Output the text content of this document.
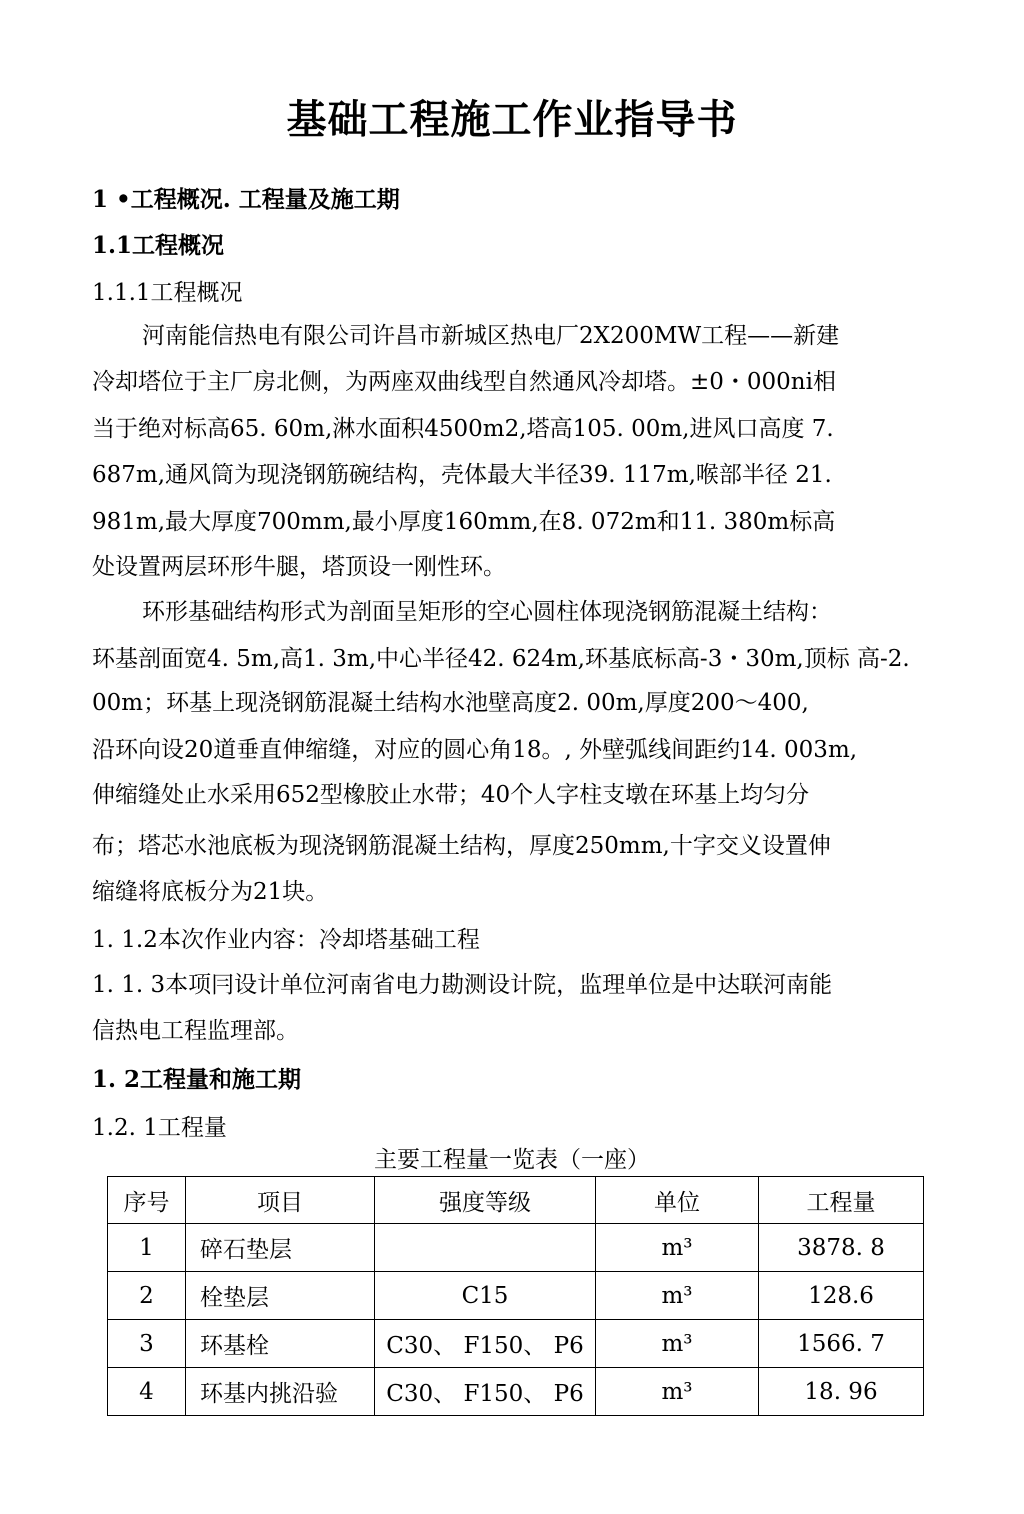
基础工程施工作业指导书
1 •工程概况. 工程量及施工期
1.1工程概况
1.1.1工程概况
河南能信热电有限公司许昌市新城区热电厂2X200MW工程——新建
冷却塔位于主厂房北侧，为两座双曲线型自然通风冷却塔。±0・000ni相
当于绝对标高65. 60m,淋水面积4500m2,塔高105. 00m,进风口高度 7.
687m,通风筒为现浇钢筋碗结构，壳体最大半径39. 117m,喉部半径 21.
981m,最大厚度700mm,最小厚度160mm,在8. 072m和11. 380m标高
处设置两层环形牛腿，塔顶设一刚性环。
环形基础结构形式为剖面呈矩形的空心圆柱体现浇钢筋混凝土结构：
环基剖面宽4. 5m,高1. 3m,中心半径42. 624m,环基底标高-3・30m,顶标 高-2.
00m；环基上现浇钢筋混凝土结构水池壁高度2. 00m,厚度200〜400,
沿环向设20道垂直伸缩缝，对应的圆心角18。, 外壁弧线间距约14. 003m,
伸缩缝处止水采用652型橡胶止水带；40个人字柱支墩在环基上均匀分
布；塔芯水池底板为现浇钢筋混凝土结构，厚度250mm,十字交义设置伸
缩缝将底板分为21块。
1. 1.2本次作业内容：冷却塔基础工程
1. 1. 3本项冃设计单位河南省电力勘测设计院，监理单位是中达联河南能
信热电工程监理部。
1. 2工程量和施工期
1.2. 1工程量
主要工程量一览表（一座）
序号	项目	强度等级	单位	工程量
1	碎石垫层		m³	3878. 8
2	栓垫层	C15	m³	128.6
3	环基栓	C30、 F150、 P6	m³	1566. 7
4	环基内挑沿验	C30、 F150、 P6	m³	18. 96
